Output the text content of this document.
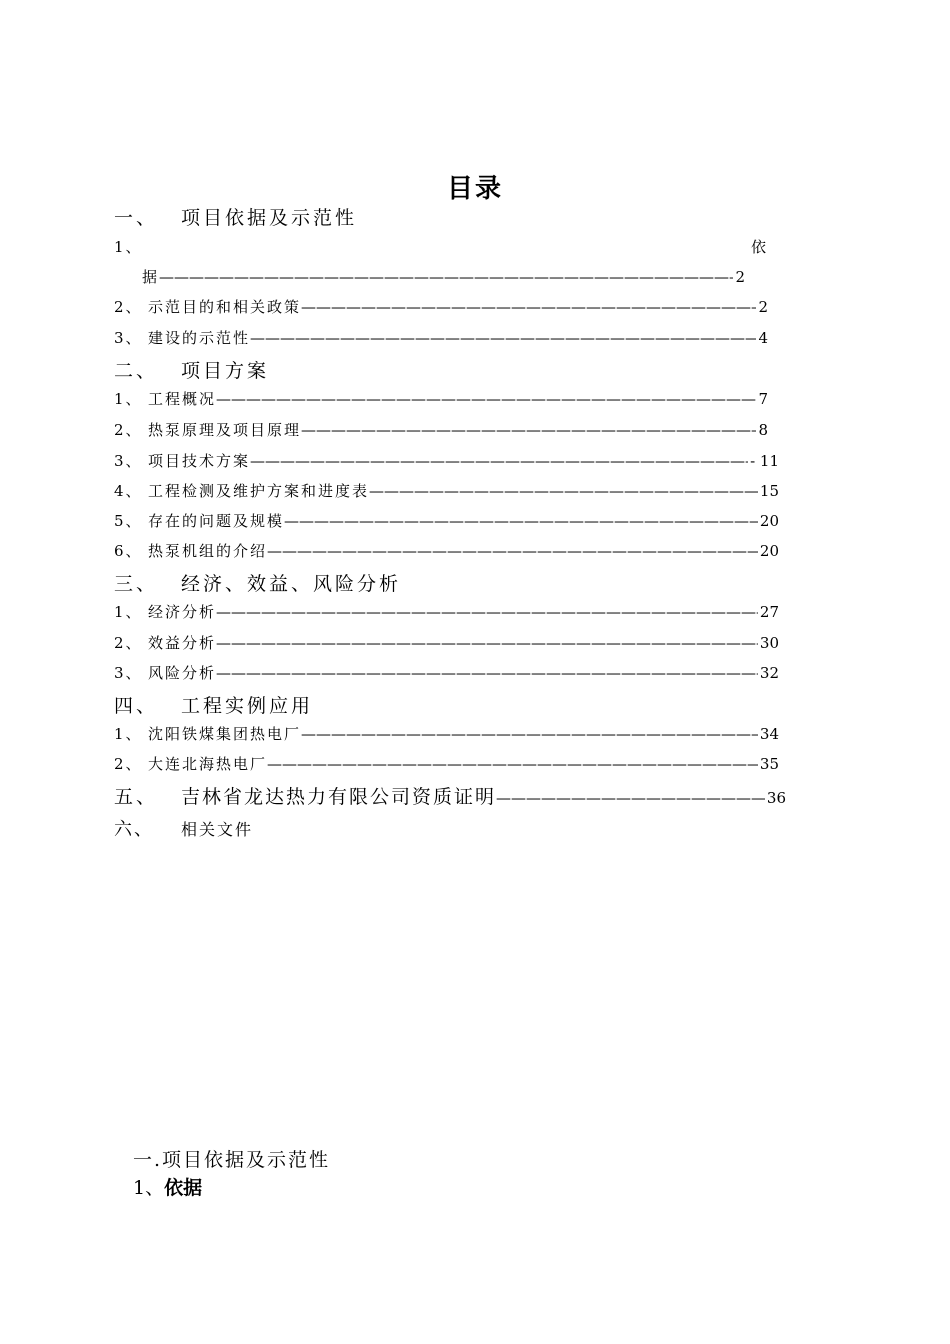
目录
一、 项目依据及示范性
1、	依
据 —————	2
2、 示范目的和相关政策 —————	2
3、 建设的示范性 —————	4
二、 项目方案
1、 工程概况 —————	7
2、 热泵原理及项目原理 —————	8
3、 项目技术方案 —————	- 11
4、 工程检测及维护方案和进度表 —————	15
5、 存在的问题及规模 —————	20
6、 热泵机组的介绍 —————	20
三、 经济、效益、风险分析
1、 经济分析 —————	27
2、 效益分析 —————	30
3、 风险分析 —————	32
四、 工程实例应用
1、 沈阳铁煤集团热电厂 —————	34
2、 大连北海热电厂 —————	35
五、	吉林省龙达热力有限公司资质证明 —————	36
六、 相关文件
一.项目依据及示范性
1、依据
